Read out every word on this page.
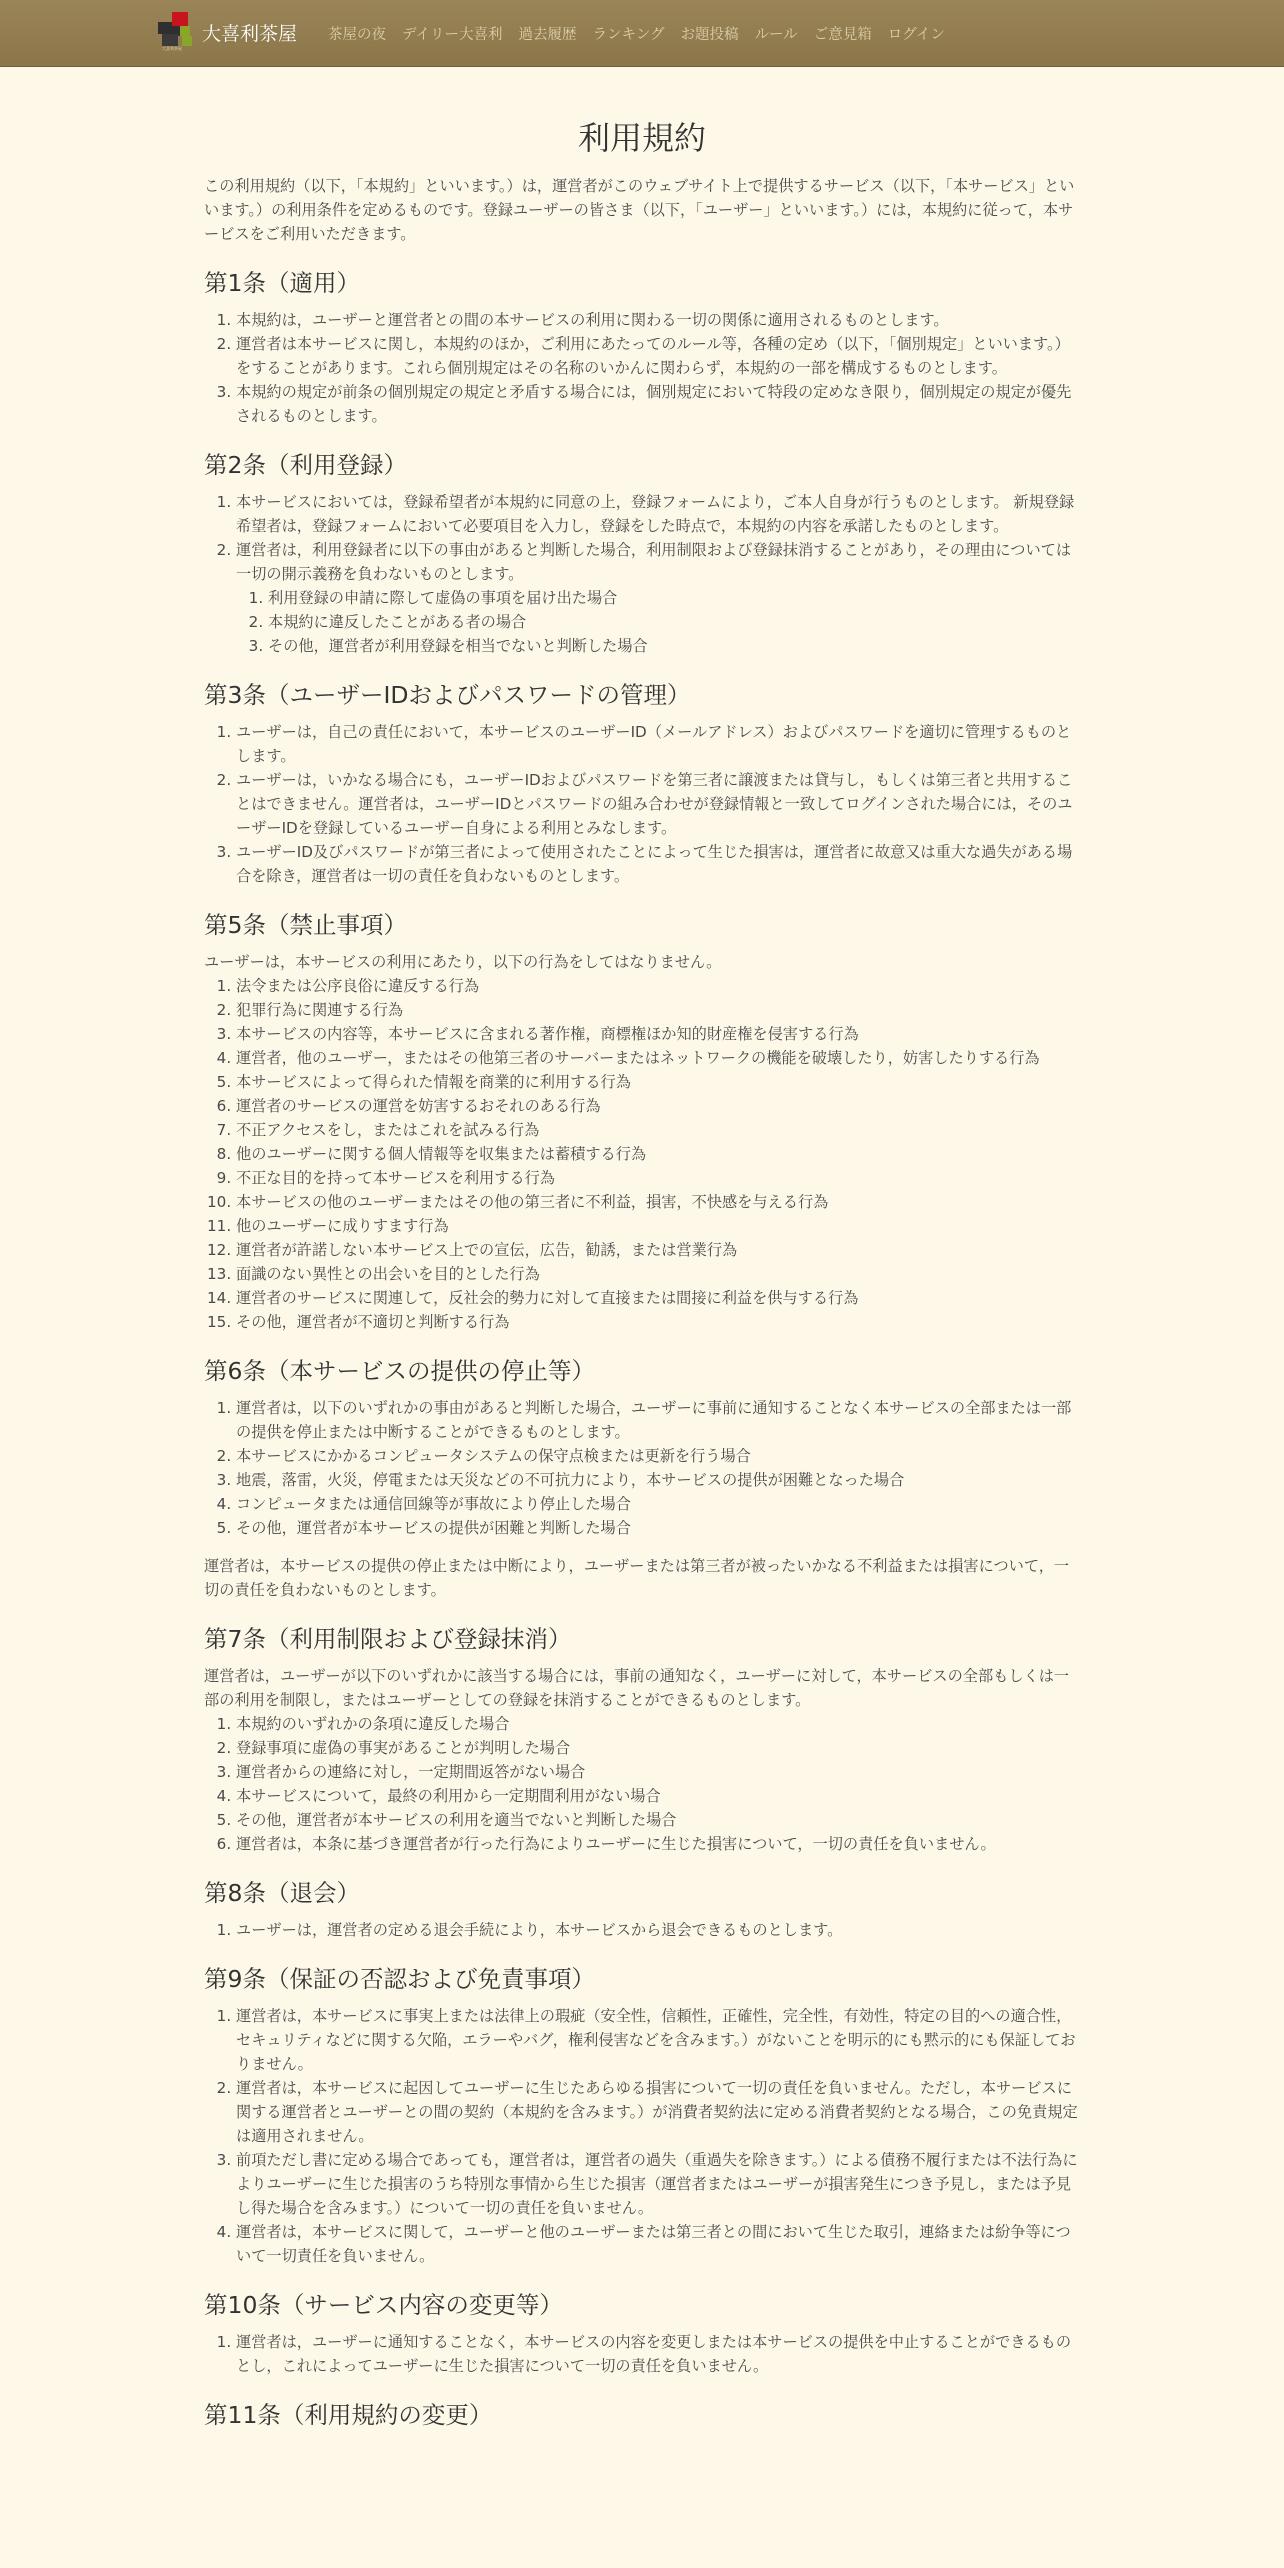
大喜利茶屋
大喜利茶屋 茶屋の夜 デイリー大喜利 過去履歴 ランキング お題投稿 ルール ご意見箱 ログイン
利用規約

この利用規約（以下，「本規約」といいます。）は，運営者がこのウェブサイト上で提供するサービス（以下，「本サービス」といいます。）の利用条件を定めるものです。登録ユーザーの皆さま（以下，「ユーザー」といいます。）には，本規約に従って，本サービスをご利用いただきます。

第1条（適用）
1. 本規約は，ユーザーと運営者との間の本サービスの利用に関わる一切の関係に適用されるものとします。
2. 運営者は本サービスに関し，本規約のほか，ご利用にあたってのルール等，各種の定め（以下，「個別規定」といいます。）をすることがあります。これら個別規定はその名称のいかんに関わらず，本規約の一部を構成するものとします。
3. 本規約の規定が前条の個別規定の規定と矛盾する場合には，個別規定において特段の定めなき限り，個別規定の規定が優先されるものとします。
第2条（利用登録）
1. 本サービスにおいては，登録希望者が本規約に同意の上，登録フォームにより，ご本人自身が行うものとします。 新規登録希望者は，登録フォームにおいて必要項目を入力し，登録をした時点で，本規約の内容を承諾したものとします。
2. 運営者は，利用登録者に以下の事由があると判断した場合，利用制限および登録抹消することがあり，その理由については一切の開示義務を負わないものとします。
1. 利用登録の申請に際して虚偽の事項を届け出た場合
2. 本規約に違反したことがある者の場合
3. その他，運営者が利用登録を相当でないと判断した場合
第3条（ユーザーIDおよびパスワードの管理）
1. ユーザーは，自己の責任において，本サービスのユーザーID（メールアドレス）およびパスワードを適切に管理するものとします。
2. ユーザーは，いかなる場合にも，ユーザーIDおよびパスワードを第三者に譲渡または貸与し，もしくは第三者と共用することはできません。運営者は，ユーザーIDとパスワードの組み合わせが登録情報と一致してログインされた場合には，そのユーザーIDを登録しているユーザー自身による利用とみなします。
3. ユーザーID及びパスワードが第三者によって使用されたことによって生じた損害は，運営者に故意又は重大な過失がある場合を除き，運営者は一切の責任を負わないものとします。
第5条（禁止事項）

ユーザーは，本サービスの利用にあたり，以下の行為をしてはなりません。

1. 法令または公序良俗に違反する行為
2. 犯罪行為に関連する行為
3. 本サービスの内容等，本サービスに含まれる著作権，商標権ほか知的財産権を侵害する行為
4. 運営者，他のユーザー，またはその他第三者のサーバーまたはネットワークの機能を破壊したり，妨害したりする行為
5. 本サービスによって得られた情報を商業的に利用する行為
6. 運営者のサービスの運営を妨害するおそれのある行為
7. 不正アクセスをし，またはこれを試みる行為
8. 他のユーザーに関する個人情報等を収集または蓄積する行為
9. 不正な目的を持って本サービスを利用する行為
10. 本サービスの他のユーザーまたはその他の第三者に不利益，損害，不快感を与える行為
11. 他のユーザーに成りすます行為
12. 運営者が許諾しない本サービス上での宣伝，広告，勧誘，または営業行為
13. 面識のない異性との出会いを目的とした行為
14. 運営者のサービスに関連して，反社会的勢力に対して直接または間接に利益を供与する行為
15. その他，運営者が不適切と判断する行為
第6条（本サービスの提供の停止等）
1. 運営者は，以下のいずれかの事由があると判断した場合，ユーザーに事前に通知することなく本サービスの全部または一部の提供を停止または中断することができるものとします。
2. 本サービスにかかるコンピュータシステムの保守点検または更新を行う場合
3. 地震，落雷，火災，停電または天災などの不可抗力により，本サービスの提供が困難となった場合
4. コンピュータまたは通信回線等が事故により停止した場合
5. その他，運営者が本サービスの提供が困難と判断した場合

運営者は，本サービスの提供の停止または中断により，ユーザーまたは第三者が被ったいかなる不利益または損害について，一切の責任を負わないものとします。

第7条（利用制限および登録抹消）

運営者は，ユーザーが以下のいずれかに該当する場合には，事前の通知なく，ユーザーに対して，本サービスの全部もしくは一部の利用を制限し，またはユーザーとしての登録を抹消することができるものとします。

1. 本規約のいずれかの条項に違反した場合
2. 登録事項に虚偽の事実があることが判明した場合
3. 運営者からの連絡に対し，一定期間返答がない場合
4. 本サービスについて，最終の利用から一定期間利用がない場合
5. その他，運営者が本サービスの利用を適当でないと判断した場合
6. 運営者は，本条に基づき運営者が行った行為によりユーザーに生じた損害について，一切の責任を負いません。
第8条（退会）
1. ユーザーは，運営者の定める退会手続により，本サービスから退会できるものとします。
第9条（保証の否認および免責事項）
1. 運営者は，本サービスに事実上または法律上の瑕疵（安全性，信頼性，正確性，完全性，有効性，特定の目的への適合性，セキュリティなどに関する欠陥，エラーやバグ，権利侵害などを含みます。）がないことを明示的にも黙示的にも保証しておりません。
2. 運営者は，本サービスに起因してユーザーに生じたあらゆる損害について一切の責任を負いません。ただし，本サービスに関する運営者とユーザーとの間の契約（本規約を含みます。）が消費者契約法に定める消費者契約となる場合，この免責規定は適用されません。
3. 前項ただし書に定める場合であっても，運営者は，運営者の過失（重過失を除きます。）による債務不履行または不法行為によりユーザーに生じた損害のうち特別な事情から生じた損害（運営者またはユーザーが損害発生につき予見し，または予見し得た場合を含みます。）について一切の責任を負いません。
4. 運営者は，本サービスに関して，ユーザーと他のユーザーまたは第三者との間において生じた取引，連絡または紛争等について一切責任を負いません。
第10条（サービス内容の変更等）
1. 運営者は，ユーザーに通知することなく，本サービスの内容を変更しまたは本サービスの提供を中止することができるものとし，これによってユーザーに生じた損害について一切の責任を負いません。
第11条（利用規約の変更）
